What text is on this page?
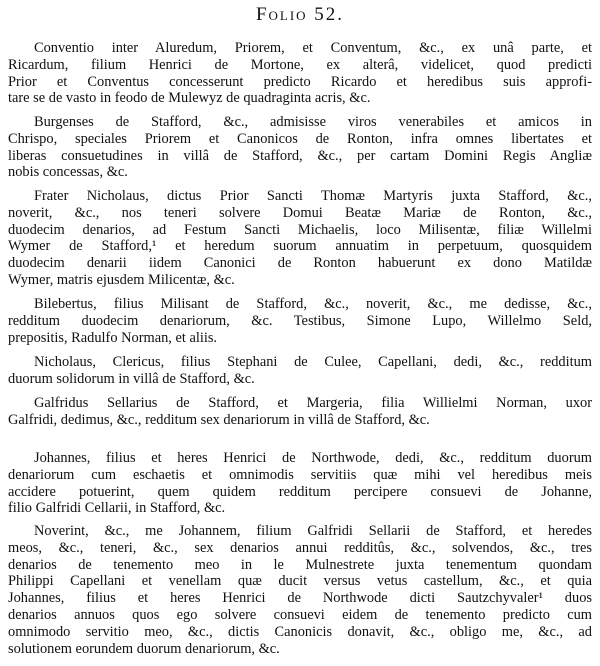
Folio 52.
Conventio inter Aluredum, Priorem, et Conventum, &c., ex unâ parte, et
Ricardum, filium Henrici de Mortone, ex alterâ, videlicet, quod predicti
Prior et Conventus concesserunt predicto Ricardo et heredibus suis approfi-
tare se de vasto in feodo de Mulewyz de quadraginta acris, &c.
Burgenses de Stafford, &c., admisisse viros venerabiles et amicos in
Chrispo, speciales Priorem et Canonicos de Ronton, infra omnes libertates et
liberas consuetudines in villâ de Stafford, &c., per cartam Domini Regis Angliæ
nobis concessas, &c.
Frater Nicholaus, dictus Prior Sancti Thomæ Martyris juxta Stafford, &c.,
noverit, &c., nos teneri solvere Domui Beatæ Mariæ de Ronton, &c.,
duodecim denarios, ad Festum Sancti Michaelis, loco Milisentæ, filiæ Willelmi
Wymer de Stafford,¹ et heredum suorum annuatim in perpetuum, quosquidem
duodecim denarii iidem Canonici de Ronton habuerunt ex dono Matildæ
Wymer, matris ejusdem Milicentæ, &c.
Bilebertus, filius Milisant de Stafford, &c., noverit, &c., me dedisse, &c.,
redditum duodecim denariorum, &c. Testibus, Simone Lupo, Willelmo Seld,
prepositis, Radulfo Norman, et aliis.
Nicholaus, Clericus, filius Stephani de Culee, Capellani, dedi, &c., redditum
duorum solidorum in villâ de Stafford, &c.
Galfridus Sellarius de Stafford, et Margeria, filia Willielmi Norman, uxor
Galfridi, dedimus, &c., redditum sex denariorum in villâ de Stafford, &c.
Johannes, filius et heres Henrici de Northwode, dedi, &c., redditum duorum
denariorum cum eschaetis et omnimodis servitiis quæ mihi vel heredibus meis
accidere potuerint, quem quidem redditum percipere consuevi de Johanne,
filio Galfridi Cellarii, in Stafford, &c.
Noverint, &c., me Johannem, filium Galfridi Sellarii de Stafford, et heredes
meos, &c., teneri, &c., sex denarios annui redditûs, &c., solvendos, &c., tres
denarios de tenemento meo in le Mulnestrete juxta tenementum quondam
Philippi Capellani et venellam quæ ducit versus vetus castellum, &c., et quia
Johannes, filius et heres Henrici de Northwode dicti Sautzchyvaler¹ duos
denarios annuos quos ego solvere consuevi eidem de tenemento predicto cum
omnimodo servitio meo, &c., dictis Canonicis donavit, &c., obligo me, &c., ad
solutionem eorundem duorum denariorum, &c.
